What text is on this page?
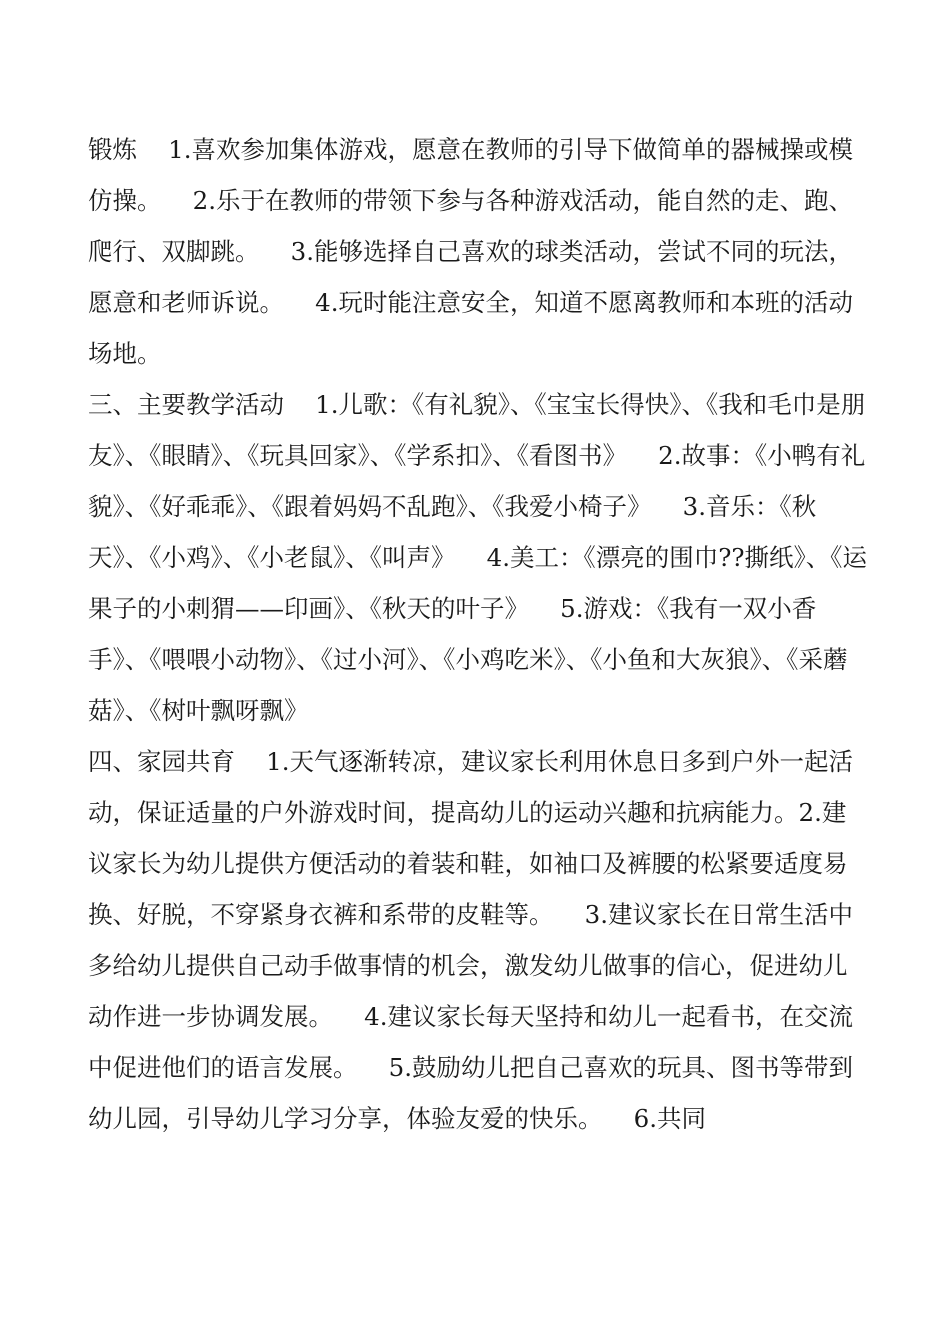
锻炼    1.喜欢参加集体游戏，愿意在教师的引导下做简单的器械操或模仿操。    2.乐于在教师的带领下参与各种游戏活动，能自然的走、跑、爬行、双脚跳。    3.能够选择自己喜欢的球类活动，尝试不同的玩法，愿意和老师诉说。    4.玩时能注意安全，知道不愿离教师和本班的活动场地。

三、主要教学活动    1.儿歌：《有礼貌》、《宝宝长得快》、《我和毛巾是朋友》、《眼睛》、《玩具回家》、《学系扣》、《看图书》    2.故事：《小鸭有礼貌》、《好乖乖》、《跟着妈妈不乱跑》、《我爱小椅子》    3.音乐：《秋天》、《小鸡》、《小老鼠》、《叫声》    4.美工：《漂亮的围巾??撕纸》、《运果子的小刺猬——印画》、《秋天的叶子》    5.游戏：《我有一双小香手》、《喂喂小动物》、《过小河》、《小鸡吃米》、《小鱼和大灰狼》、《采蘑菇》、《树叶飘呀飘》

四、家园共育    1.天气逐渐转凉，建议家长利用休息日多到户外一起活动，保证适量的户外游戏时间，提高幼儿的运动兴趣和抗病能力。2.建议家长为幼儿提供方便活动的着装和鞋，如袖口及裤腰的松紧要适度易换、好脱，不穿紧身衣裤和系带的皮鞋等。    3.建议家长在日常生活中多给幼儿提供自己动手做事情的机会，激发幼儿做事的信心，促进幼儿动作进一步协调发展。    4.建议家长每天坚持和幼儿一起看书，在交流中促进他们的语言发展。    5.鼓励幼儿把自己喜欢的玩具、图书等带到幼儿园，引导幼儿学习分享，体验友爱的快乐。    6.共同
